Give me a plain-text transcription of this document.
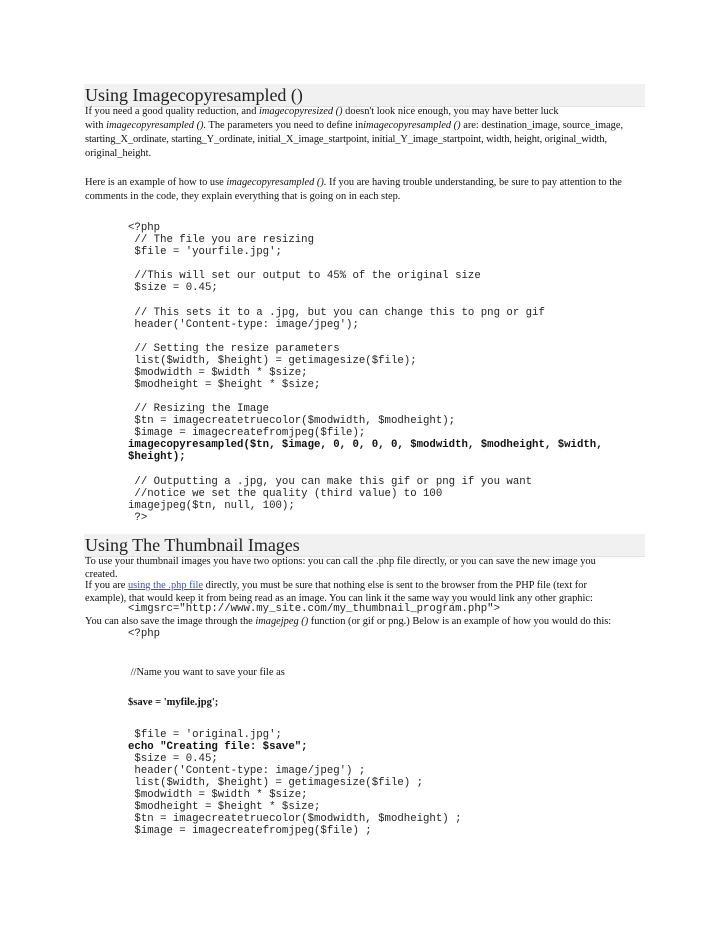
Using Imagecopyresampled ()
If you need a good quality reduction, and imagecopyresized () doesn't look nice enough, you may have better luck
with imagecopyresampled (). The parameters you need to define inimagecopyresampled () are: destination_image, source_image,
starting_X_ordinate, starting_Y_ordinate, initial_X_image_startpoint, initial_Y_image_startpoint, width, height, original_width,
original_height.
Here is an example of how to use imagecopyresampled (). If you are having trouble understanding, be sure to pay attention to the
comments in the code, they explain everything that is going on in each step.
<?php
// The file you are resizing
$file = 'yourfile.jpg';
//This will set our output to 45% of the original size
$size = 0.45;
// This sets it to a .jpg, but you can change this to png or gif
header('Content-type: image/jpeg');
// Setting the resize parameters
list($width, $height) = getimagesize($file);
$modwidth = $width * $size;
$modheight = $height * $size;
// Resizing the Image
$tn = imagecreatetruecolor($modwidth, $modheight);
$image = imagecreatefromjpeg($file);
imagecopyresampled($tn, $image, 0, 0, 0, 0, $modwidth, $modheight, $width,
$height);
// Outputting a .jpg, you can make this gif or png if you want
//notice we set the quality (third value) to 100
imagejpeg($tn, null, 100);
?>
Using The Thumbnail Images
To use your thumbnail images you have two options: you can call the .php file directly, or you can save the new image you
created.
If you are using the .php file directly, you must be sure that nothing else is sent to the browser from the PHP file (text for
example), that would keep it from being read as an image. You can link it the same way you would link any other graphic:
<imgsrc="http://www.my_site.com/my_thumbnail_program.php">
You can also save the image through the imagejpeg () function (or gif or png.) Below is an example of how you would do this:
<?php
//Name you want to save your file as
$save = 'myfile.jpg';
$file = 'original.jpg';
echo "Creating file: $save";
$size = 0.45;
header('Content-type: image/jpeg') ;
list($width, $height) = getimagesize($file) ;
$modwidth = $width * $size;
$modheight = $height * $size;
$tn = imagecreatetruecolor($modwidth, $modheight) ;
$image = imagecreatefromjpeg($file) ;
